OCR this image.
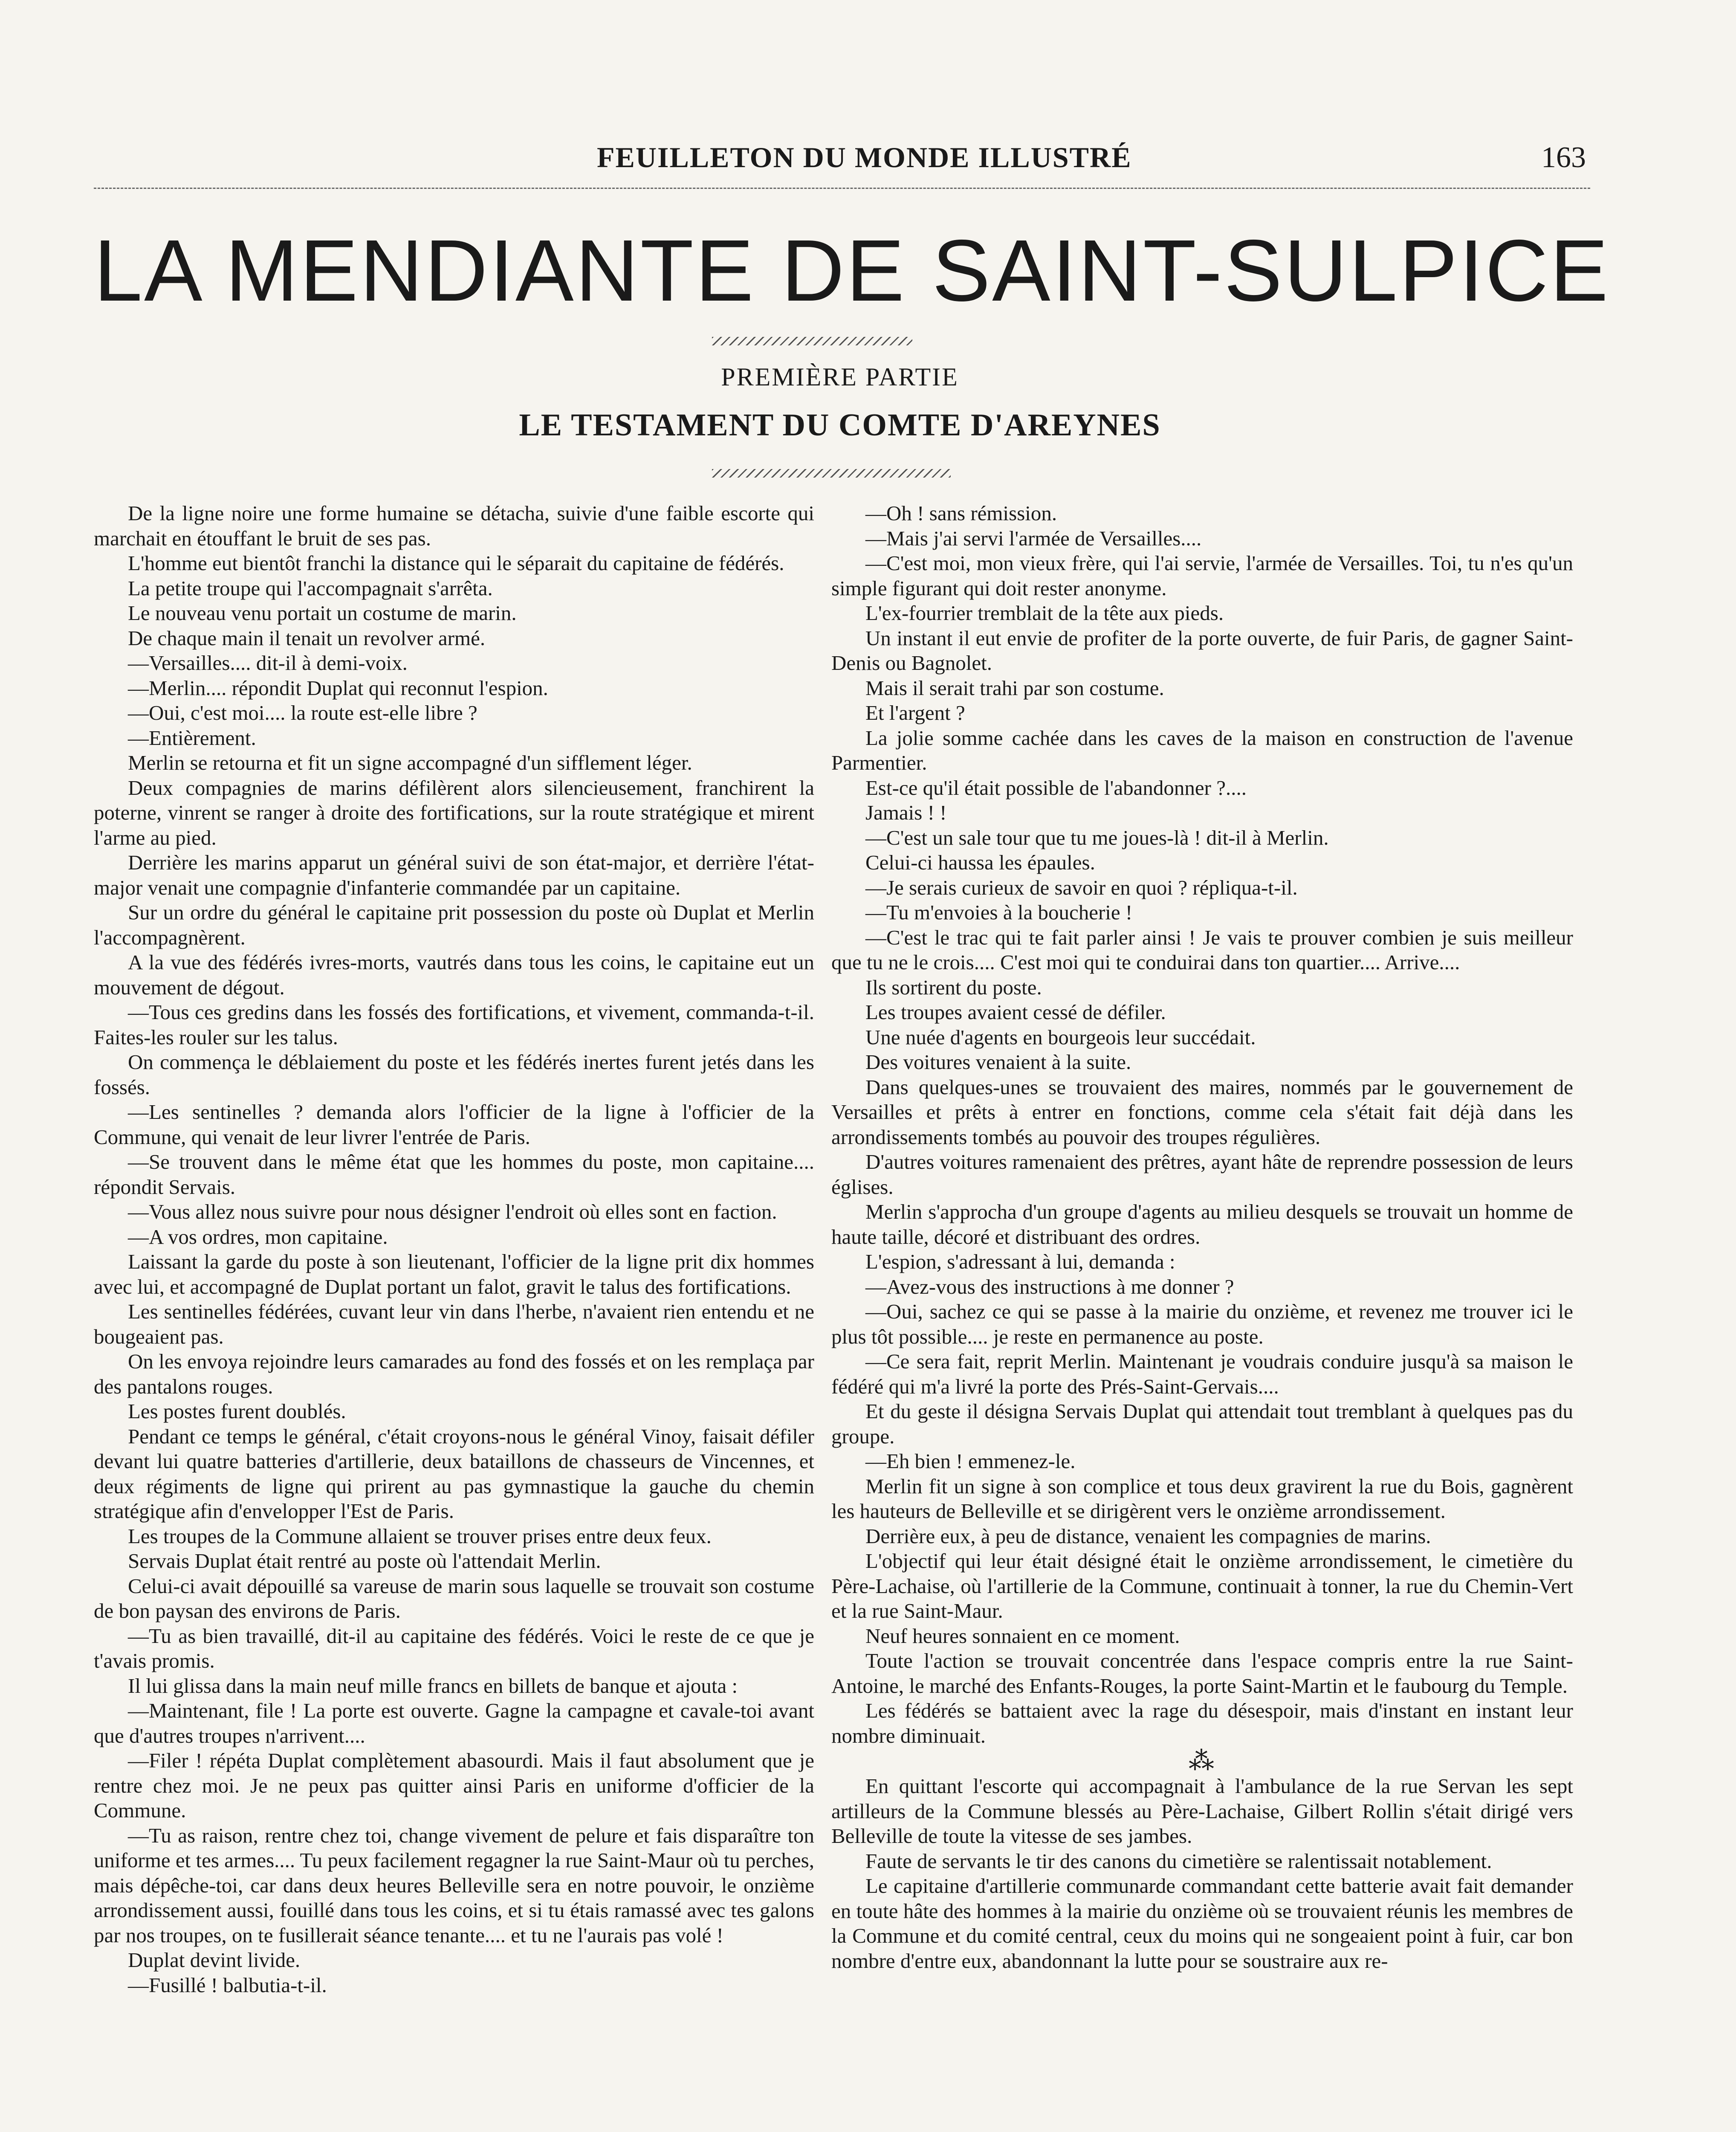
FEUILLETON DU MONDE ILLUSTRÉ	163
LA MENDIANTE DE SAINT-SULPICE
PREMIÈRE PARTIE
LE TESTAMENT DU COMTE D'AREYNES

De la ligne noire une forme humaine se détacha, suivie d'une faible escorte qui marchait en étouffant le bruit de ses pas.

L'homme eut bientôt franchi la distance qui le séparait du capitaine de fédérés.

La petite troupe qui l'accompagnait s'arrêta.

Le nouveau venu portait un costume de marin.

De chaque main il tenait un revolver armé.

—Versailles.... dit-il à demi-voix.

—Merlin.... répondit Duplat qui reconnut l'espion.

—Oui, c'est moi.... la route est-elle libre ?

—Entièrement.

Merlin se retourna et fit un signe accompagné d'un sifflement léger.

Deux compagnies de marins défilèrent alors silencieusement, franchirent la poterne, vinrent se ranger à droite des fortifications, sur la route stratégique et mirent l'arme au pied.

Derrière les marins apparut un général suivi de son état-major, et derrière l'état-major venait une compagnie d'infanterie commandée par un capitaine.

Sur un ordre du général le capitaine prit possession du poste où Duplat et Merlin l'accompagnèrent.

A la vue des fédérés ivres-morts, vautrés dans tous les coins, le capitaine eut un mouvement de dégout.

—Tous ces gredins dans les fossés des fortifications, et vivement, commanda-t-il. Faites-les rouler sur les talus.

On commença le déblaiement du poste et les fédérés inertes furent jetés dans les fossés.

—Les sentinelles ? demanda alors l'officier de la ligne à l'officier de la Commune, qui venait de leur livrer l'entrée de Paris.

—Se trouvent dans le même état que les hommes du poste, mon capitaine.... répondit Servais.

—Vous allez nous suivre pour nous désigner l'endroit où elles sont en faction.

—A vos ordres, mon capitaine.

Laissant la garde du poste à son lieutenant, l'officier de la ligne prit dix hommes avec lui, et accompagné de Duplat portant un falot, gravit le talus des fortifications.

Les sentinelles fédérées, cuvant leur vin dans l'herbe, n'avaient rien entendu et ne bougeaient pas.

On les envoya rejoindre leurs camarades au fond des fossés et on les remplaça par des pantalons rouges.

Les postes furent doublés.

Pendant ce temps le général, c'était croyons-nous le général Vinoy, faisait défiler devant lui quatre batteries d'artillerie, deux bataillons de chasseurs de Vincennes, et deux régiments de ligne qui prirent au pas gymnastique la gauche du chemin stratégique afin d'envelopper l'Est de Paris.

Les troupes de la Commune allaient se trouver prises entre deux feux.

Servais Duplat était rentré au poste où l'attendait Merlin.

Celui-ci avait dépouillé sa vareuse de marin sous laquelle se trouvait son costume de bon paysan des environs de Paris.

—Tu as bien travaillé, dit-il au capitaine des fédérés. Voici le reste de ce que je t'avais promis.

Il lui glissa dans la main neuf mille francs en billets de banque et ajouta :

—Maintenant, file ! La porte est ouverte. Gagne la campagne et cavale-toi avant que d'autres troupes n'arrivent....

—Filer ! répéta Duplat complètement abasourdi. Mais il faut absolument que je rentre chez moi. Je ne peux pas quitter ainsi Paris en uniforme d'officier de la Commune.

—Tu as raison, rentre chez toi, change vivement de pelure et fais disparaître ton uniforme et tes armes.... Tu peux facilement regagner la rue Saint-Maur où tu perches, mais dépêche-toi, car dans deux heures Belleville sera en notre pouvoir, le onzième arrondissement aussi, fouillé dans tous les coins, et si tu étais ramassé avec tes galons par nos troupes, on te fusillerait séance tenante.... et tu ne l'aurais pas volé !

Duplat devint livide.

—Fusillé ! balbutia-t-il.

—Oh ! sans rémission.

—Mais j'ai servi l'armée de Versailles....

—C'est moi, mon vieux frère, qui l'ai servie, l'armée de Versailles. Toi, tu n'es qu'un simple figurant qui doit rester anonyme.

L'ex-fourrier tremblait de la tête aux pieds.

Un instant il eut envie de profiter de la porte ouverte, de fuir Paris, de gagner Saint-Denis ou Bagnolet.

Mais il serait trahi par son costume.

Et l'argent ?

La jolie somme cachée dans les caves de la maison en construction de l'avenue Parmentier.

Est-ce qu'il était possible de l'abandonner ?....

Jamais ! !

—C'est un sale tour que tu me joues-là ! dit-il à Merlin.

Celui-ci haussa les épaules.

—Je serais curieux de savoir en quoi ? répliqua-t-il.

—Tu m'envoies à la boucherie !

—C'est le trac qui te fait parler ainsi ! Je vais te prouver combien je suis meilleur que tu ne le crois.... C'est moi qui te conduirai dans ton quartier.... Arrive....

Ils sortirent du poste.

Les troupes avaient cessé de défiler.

Une nuée d'agents en bourgeois leur succédait.

Des voitures venaient à la suite.

Dans quelques-unes se trouvaient des maires, nommés par le gouvernement de Versailles et prêts à entrer en fonctions, comme cela s'était fait déjà dans les arrondissements tombés au pouvoir des troupes régulières.

D'autres voitures ramenaient des prêtres, ayant hâte de reprendre possession de leurs églises.

Merlin s'approcha d'un groupe d'agents au milieu desquels se trouvait un homme de haute taille, décoré et distribuant des ordres.

L'espion, s'adressant à lui, demanda :

—Avez-vous des instructions à me donner ?

—Oui, sachez ce qui se passe à la mairie du onzième, et revenez me trouver ici le plus tôt possible.... je reste en permanence au poste.

—Ce sera fait, reprit Merlin. Maintenant je voudrais conduire jusqu'à sa maison le fédéré qui m'a livré la porte des Prés-Saint-Gervais....

Et du geste il désigna Servais Duplat qui attendait tout tremblant à quelques pas du groupe.

—Eh bien ! emmenez-le.

Merlin fit un signe à son complice et tous deux gravirent la rue du Bois, gagnèrent les hauteurs de Belleville et se dirigèrent vers le onzième arrondissement.

Derrière eux, à peu de distance, venaient les compagnies de marins.

L'objectif qui leur était désigné était le onzième arrondissement, le cimetière du Père-Lachaise, où l'artillerie de la Commune, continuait à tonner, la rue du Chemin-Vert et la rue Saint-Maur.

Neuf heures sonnaient en ce moment.

Toute l'action se trouvait concentrée dans l'espace compris entre la rue Saint-Antoine, le marché des Enfants-Rouges, la porte Saint-Martin et le faubourg du Temple.

Les fédérés se battaient avec la rage du désespoir, mais d'instant en instant leur nombre diminuait.

⁂

En quittant l'escorte qui accompagnait à l'ambulance de la rue Servan les sept artilleurs de la Commune blessés au Père-Lachaise, Gilbert Rollin s'était dirigé vers Belleville de toute la vitesse de ses jambes.

Faute de servants le tir des canons du cimetière se ralentissait notablement.

Le capitaine d'artillerie communarde commandant cette batterie avait fait demander en toute hâte des hommes à la mairie du onzième où se trouvaient réunis les membres de la Commune et du comité central, ceux du moins qui ne songeaient point à fuir, car bon nombre d'entre eux, abandonnant la lutte pour se soustraire aux re-
